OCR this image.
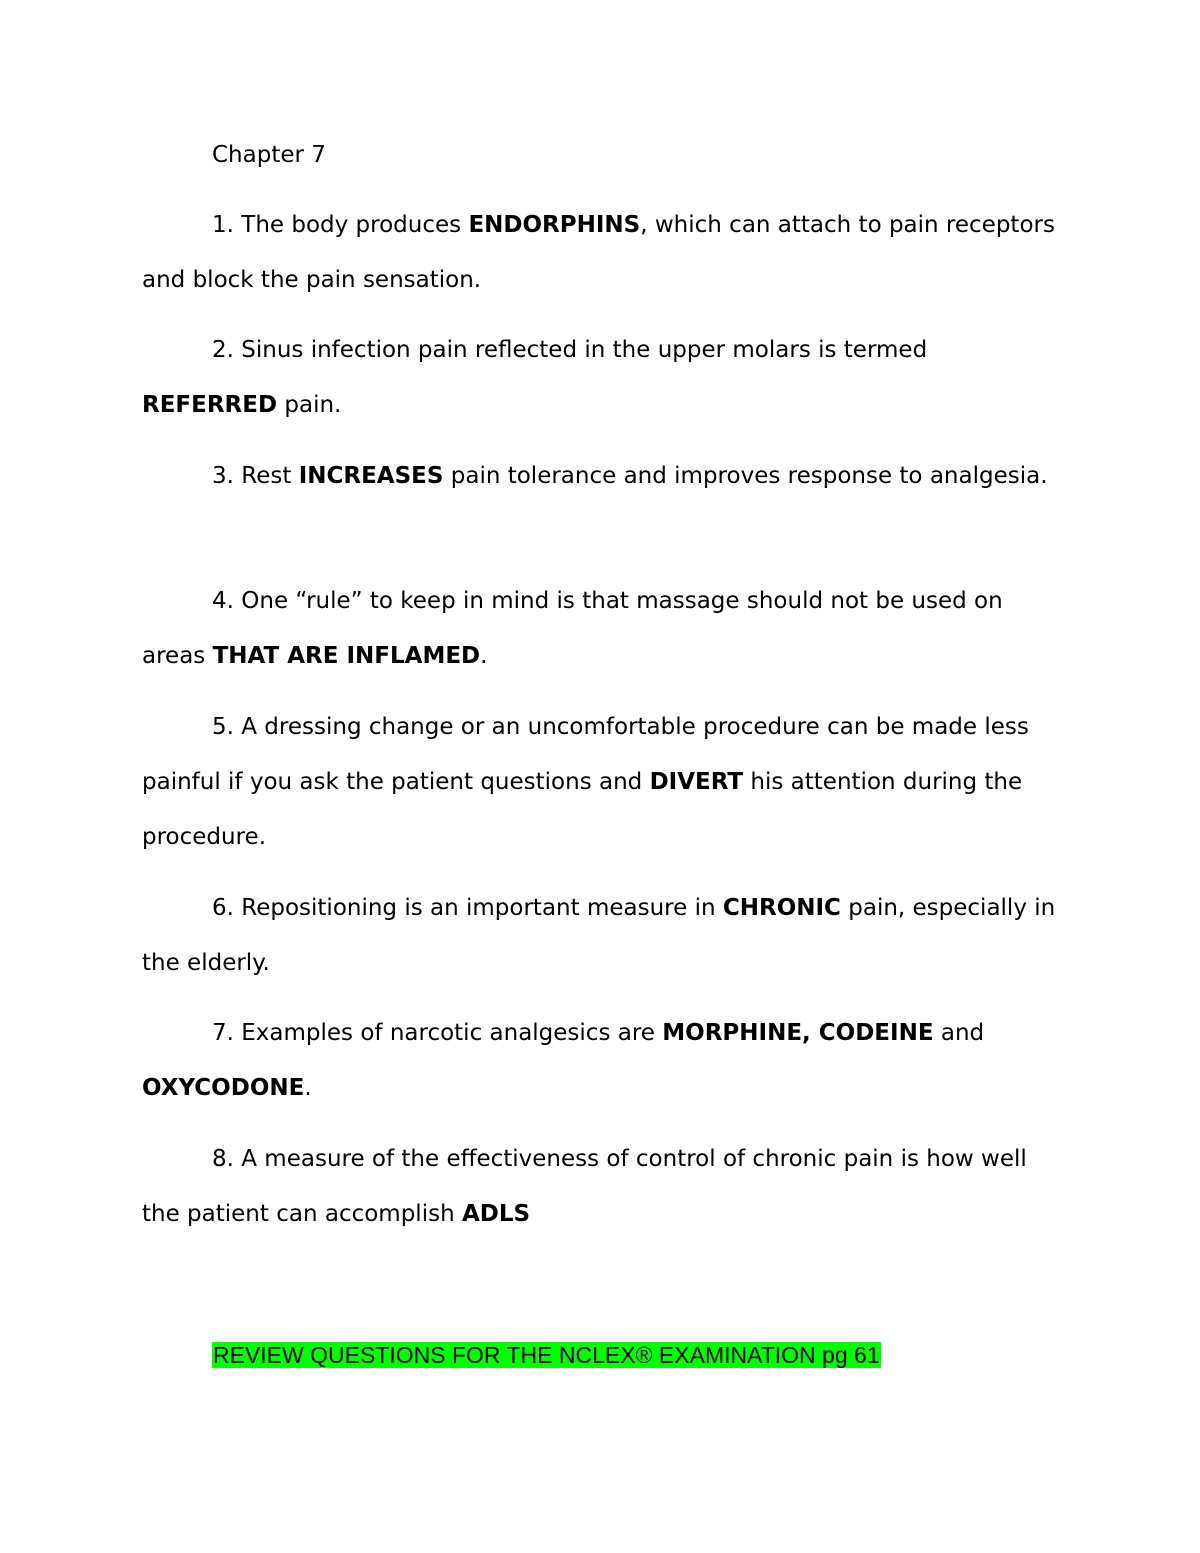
Chapter 7

1. The body produces ENDORPHINS, which can attach to pain receptors and block the pain sensation.

2. Sinus infection pain reflected in the upper molars is termed REFERRED pain.

3. Rest INCREASES pain tolerance and improves response to analgesia.

4. One “rule” to keep in mind is that massage should not be used on areas THAT ARE INFLAMED.

5. A dressing change or an uncomfortable procedure can be made less painful if you ask the patient questions and DIVERT his attention during the procedure.

6. Repositioning is an important measure in CHRONIC pain, especially in the elderly.

7. Examples of narcotic analgesics are MORPHINE, CODEINE and OXYCODONE.

8. A measure of the effectiveness of control of chronic pain is how well the patient can accomplish ADLS

REVIEW QUESTIONS FOR THE NCLEX® EXAMINATION pg 61
